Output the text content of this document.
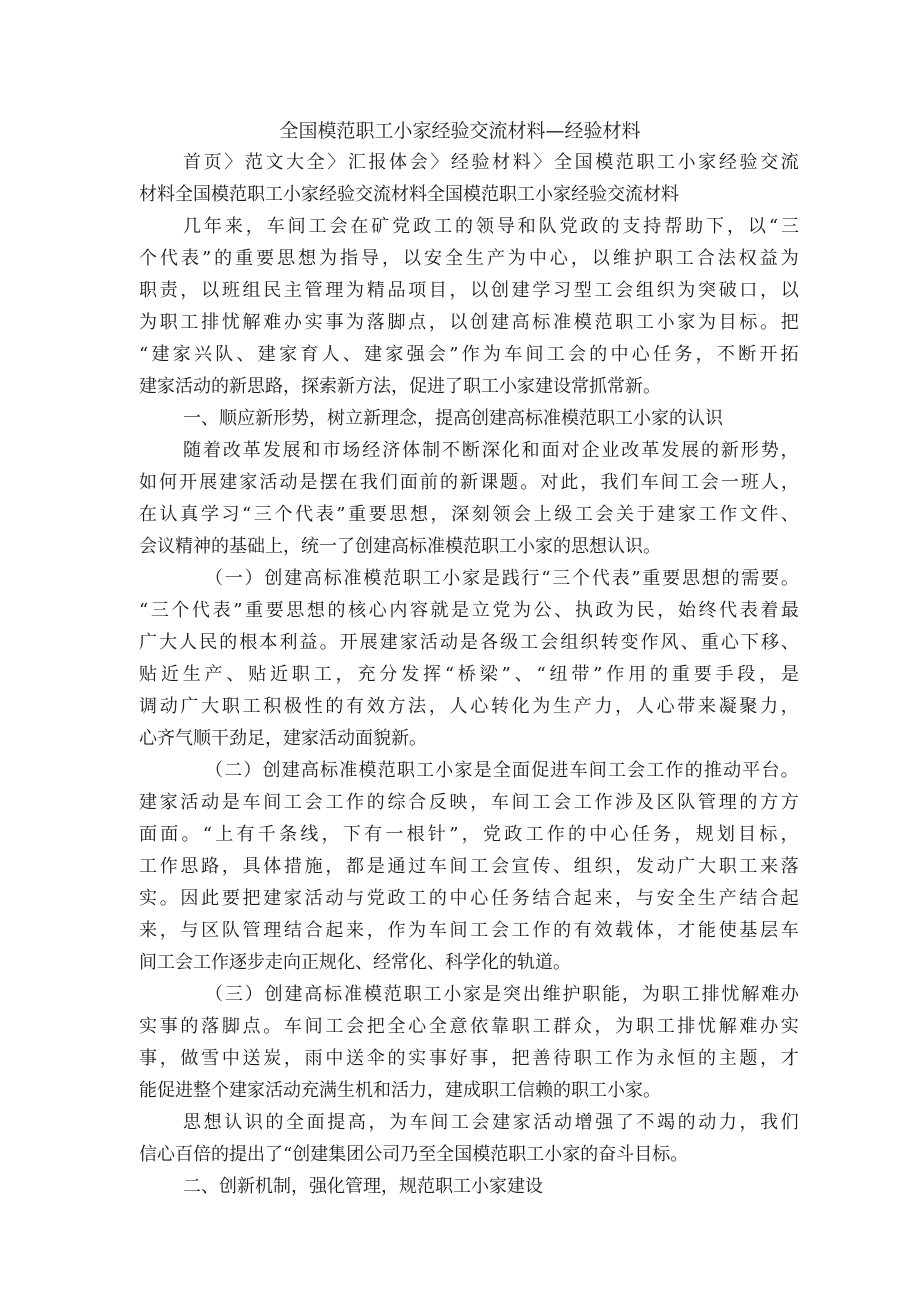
全国模范职工小家经验交流材料—经验材料
首 页 〉 范 文 大 全 〉 汇 报 体 会 〉 经 验 材 料 〉 全 国 模 范 职 工 小 家 经 验 交 流
材 料 全 国 模 范 职 工 小 家 经 验 交 流 材 料 全 国 模 范 职 工 小 家 经 验 交 流 材 料
几 年 来 ， 车 间 工 会 在 矿 党 政 工 的 领 导 和 队 党 政 的 支 持 帮 助 下 ， 以 “ 三
个 代 表 ” 的 重 要 思 想 为 指 导 ， 以 安 全 生 产 为 中 心 ， 以 维 护 职 工 合 法 权 益 为
职 责 ， 以 班 组 民 主 管 理 为 精 品 项 目 ， 以 创 建 学 习 型 工 会 组 织 为 突 破 口 ， 以
为 职 工 排 忧 解 难 办 实 事 为 落 脚 点 ， 以 创 建 高 标 准 模 范 职 工 小 家 为 目 标 。 把
“ 建 家 兴 队 、 建 家 育 人 、 建 家 强 会 ” 作 为 车 间 工 会 的 中 心 任 务 ， 不 断 开 拓
建 家 活 动 的 新 思 路 ， 探 索 新 方 法 ， 促 进 了 职 工 小 家 建 设 常 抓 常 新 。
一 、 顺 应 新 形 势 ， 树 立 新 理 念 ， 提 高 创 建 高 标 准 模 范 职 工 小 家 的 认 识
随 着 改 革 发 展 和 市 场 经 济 体 制 不 断 深 化 和 面 对 企 业 改 革 发 展 的 新 形 势 ，
如 何 开 展 建 家 活 动 是 摆 在 我 们 面 前 的 新 课 题 。 对 此 ， 我 们 车 间 工 会 一 班 人 ，
在 认 真 学 习 “ 三 个 代 表 ” 重 要 思 想 ， 深 刻 领 会 上 级 工 会 关 于 建 家 工 作 文 件 、
会 议 精 神 的 基 础 上 ， 统 一 了 创 建 高 标 准 模 范 职 工 小 家 的 思 想 认 识 。
（ 一 ） 创 建 高 标 准 模 范 职 工 小 家 是 践 行 “ 三 个 代 表 ” 重 要 思 想 的 需 要 。
“ 三 个 代 表 ” 重 要 思 想 的 核 心 内 容 就 是 立 党 为 公 、 执 政 为 民 ， 始 终 代 表 着 最
广 大 人 民 的 根 本 利 益 。 开 展 建 家 活 动 是 各 级 工 会 组 织 转 变 作 风 、 重 心 下 移 、
贴 近 生 产 、 贴 近 职 工 ， 充 分 发 挥 “ 桥 梁 ” 、 “ 纽 带 ” 作 用 的 重 要 手 段 ， 是
调 动 广 大 职 工 积 极 性 的 有 效 方 法 ， 人 心 转 化 为 生 产 力 ， 人 心 带 来 凝 聚 力 ，
心 齐 气 顺 干 劲 足 ， 建 家 活 动 面 貌 新 。
（ 二 ） 创 建 高 标 准 模 范 职 工 小 家 是 全 面 促 进 车 间 工 会 工 作 的 推 动 平 台 。
建 家 活 动 是 车 间 工 会 工 作 的 综 合 反 映 ， 车 间 工 会 工 作 涉 及 区 队 管 理 的 方 方
面 面 。 “ 上 有 千 条 线 ， 下 有 一 根 针 ” ， 党 政 工 作 的 中 心 任 务 ， 规 划 目 标 ，
工 作 思 路 ， 具 体 措 施 ， 都 是 通 过 车 间 工 会 宣 传 、 组 织 ， 发 动 广 大 职 工 来 落
实 。 因 此 要 把 建 家 活 动 与 党 政 工 的 中 心 任 务 结 合 起 来 ， 与 安 全 生 产 结 合 起
来 ， 与 区 队 管 理 结 合 起 来 ， 作 为 车 间 工 会 工 作 的 有 效 载 体 ， 才 能 使 基 层 车
间 工 会 工 作 逐 步 走 向 正 规 化 、 经 常 化 、 科 学 化 的 轨 道 。
（ 三 ） 创 建 高 标 准 模 范 职 工 小 家 是 突 出 维 护 职 能 ， 为 职 工 排 忧 解 难 办
实 事 的 落 脚 点 。 车 间 工 会 把 全 心 全 意 依 靠 职 工 群 众 ， 为 职 工 排 忧 解 难 办 实
事 ， 做 雪 中 送 炭 ， 雨 中 送 伞 的 实 事 好 事 ， 把 善 待 职 工 作 为 永 恒 的 主 题 ， 才
能 促 进 整 个 建 家 活 动 充 满 生 机 和 活 力 ， 建 成 职 工 信 赖 的 职 工 小 家 。
思 想 认 识 的 全 面 提 高 ， 为 车 间 工 会 建 家 活 动 增 强 了 不 竭 的 动 力 ， 我 们
信 心 百 倍 的 提 出 了 “ 创 建 集 团 公 司 乃 至 全 国 模 范 职 工 小 家 的 奋 斗 目 标 。
二 、 创 新 机 制 ， 强 化 管 理 ， 规 范 职 工 小 家 建 设
